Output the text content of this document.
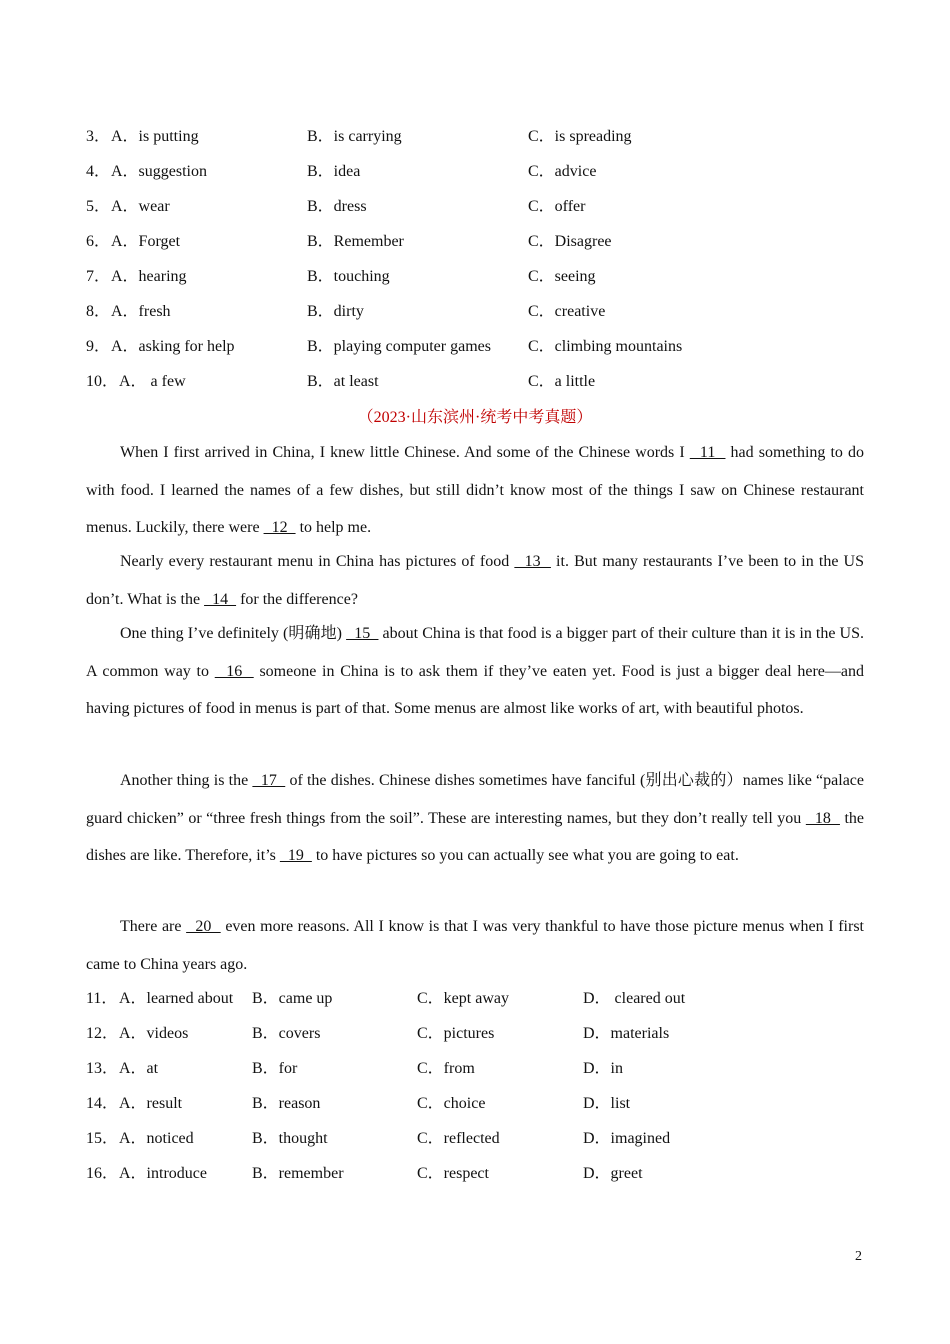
3． A．is putting	B．is carrying	C．is spreading
4． A．suggestion	B．idea	C．advice
5． A．wear	B．dress	C．offer
6． A．Forget	B．Remember	C．Disagree
7． A．hearing	B．touching	C．seeing
8． A．fresh	B．dirty	C．creative
9． A．asking for help	B．playing computer games C．climbing mountains
10． A． a few	B．at least	C．a little
（2023·山东滨州·统考中考真题）
When I first arrived in China, I knew little Chinese. And some of the Chinese words I   11   had something to do with food. I learned the names of a few dishes, but still didn’t know most of the things I saw on Chinese restaurant menus. Luckily, there were   12   to help me.
Nearly every restaurant menu in China has pictures of food   13   it. But many restaurants I’ve been to in the US don’t. What is the   14   for the difference?
One thing I’ve definitely (明确地)   15   about China is that food is a bigger part of their culture than it is in the US. A common way to   16   someone in China is to ask them if they’ve eaten yet. Food is just a bigger deal here—and having pictures of food in menus is part of that. Some menus are almost like works of art, with beautiful photos.
Another thing is the   17   of the dishes. Chinese dishes sometimes have fanciful (别出心裁的）names like “palace guard chicken” or “three fresh things from the soil”. These are interesting names, but they don’t really tell you   18   the dishes are like. Therefore, it’s   19   to have pictures so you can actually see what you are going to eat.
There are   20   even more reasons. All I know is that I was very thankful to have those picture menus when I first came to China years ago.
11． A．learned about B．came up	C．kept away	D． cleared out
12． A．videos	B．covers	C．pictures	D．materials
13． A．at	B．for	C．from	D．in
14． A．result	B．reason	C．choice	D．list
15． A．noticed	B．thought	C．reflected	D．imagined
16． A．introduce	B．remember	C．respect	D．greet
2
